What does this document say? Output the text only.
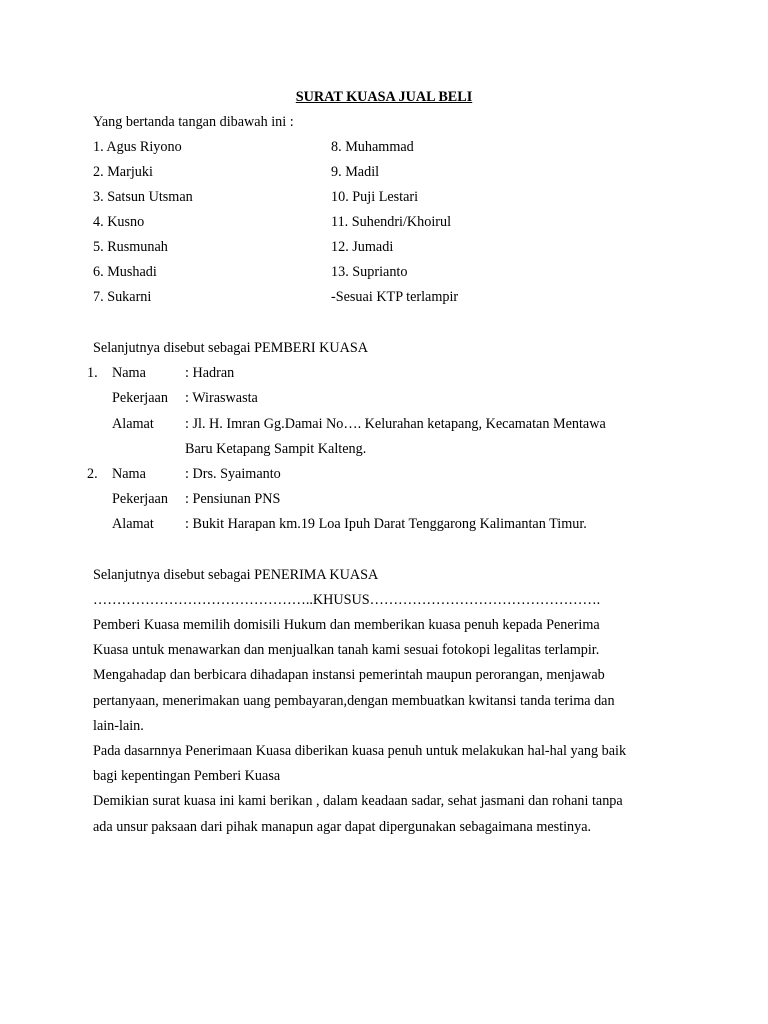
SURAT KUASA JUAL BELI
Yang bertanda tangan dibawah ini :
1. Agus Riyono
2. Marjuki
3. Satsun Utsman
4. Kusno
5. Rusmunah
6. Mushadi
7. Sukarni
8. Muhammad
9. Madil
10. Puji Lestari
11. Suhendri/Khoirul
12. Jumadi
13. Suprianto
-Sesuai KTP terlampir
Selanjutnya disebut sebagai PEMBERI KUASA
1. Nama	: Hadran
Pekerjaan : Wiraswasta
Alamat : Jl. H. Imran Gg.Damai No…. Kelurahan ketapang, Kecamatan Mentawa
Baru Ketapang Sampit Kalteng.
2. Nama	: Drs. Syaimanto
Pekerjaan : Pensiunan PNS
Alamat : Bukit Harapan km.19 Loa Ipuh Darat Tenggarong Kalimantan Timur.
Selanjutnya disebut sebagai PENERIMA KUASA
………………………………………..KHUSUS………………………………………….
Pemberi Kuasa memilih domisili Hukum dan memberikan kuasa penuh kepada Penerima
Kuasa untuk menawarkan dan menjualkan tanah kami sesuai fotokopi legalitas terlampir.
Mengahadap dan berbicara dihadapan instansi pemerintah maupun perorangan, menjawab
pertanyaan, menerimakan uang pembayaran,dengan membuatkan kwitansi tanda terima dan
lain-lain.
Pada dasarnnya Penerimaan Kuasa diberikan kuasa penuh untuk melakukan hal-hal yang baik
bagi kepentingan Pemberi Kuasa
Demikian surat kuasa ini kami berikan , dalam keadaan sadar, sehat jasmani dan rohani tanpa
ada unsur paksaan dari pihak manapun agar dapat dipergunakan sebagaimana mestinya.
